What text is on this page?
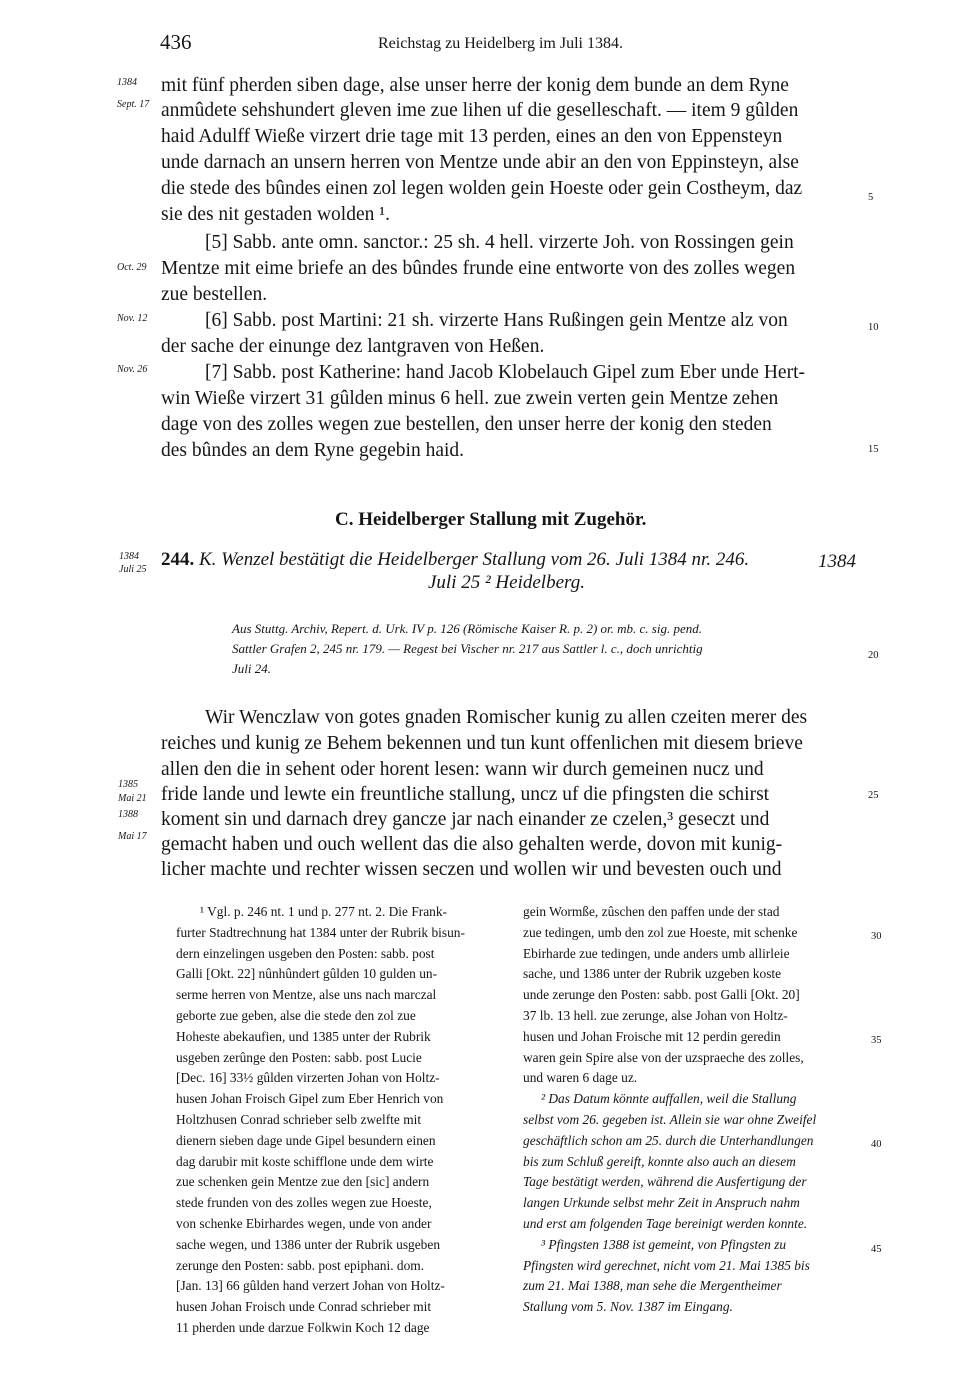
436	Reichstag zu Heidelberg im Juli 1384.
1384
Sept. 17
Oct. 29
Nov. 12
Nov. 26
mit fünf pherden siben dage, alse unser herre der konig dem bunde an dem Ryne
anmûdete sehshundert gleven ime zue lihen uf die geselleschaft. — item 9 gûlden
haid Adulff Wieße virzert drie tage mit 13 perden, eines an den von Eppensteyn
unde darnach an unsern herren von Mentze unde abir an den von Eppinsteyn, alse
die stede des bûndes einen zol legen wolden gein Hoeste oder gein Costheym, daz
sie des nit gestaden wolden ¹.
[5] Sabb. ante omn. sanctor.: 25 sh. 4 hell. virzerte Joh. von Rossingen gein
Mentze mit eime briefe an des bûndes frunde eine entworte von des zolles wegen
zue bestellen.
[6] Sabb. post Martini: 21 sh. virzerte Hans Rußingen gein Mentze alz von
der sache der einunge dez lantgraven von Heßen.
[7] Sabb. post Katherine: hand Jacob Klobelauch Gipel zum Eber unde Hert-
win Wieße virzert 31 gûlden minus 6 hell. zue zwein verten gein Mentze zehen
dage von des zolles wegen zue bestellen, den unser herre der konig den steden
des bûndes an dem Ryne gegebin haid.
5
10
15
C. Heidelberger Stallung mit Zugehör.
1384
Juli 25 244. K. Wenzel bestätigt die Heidelberger Stallung vom 26. Juli 1384 nr. 246.	1384
Juli 25 ² Heidelberg.
Aus Stuttg. Archiv, Repert. d. Urk. IV p. 126 (Römische Kaiser R. p. 2) or. mb. c. sig. pend.
Sattler Grafen 2, 245 nr. 179. — Regest bei Vischer nr. 217 aus Sattler l. c., doch unrichtig
Juli 24.
20
1385
Mai 21
1388
Mai 17
Wir Wenczlaw von gotes gnaden Romischer kunig zu allen czeiten merer des
reiches und kunig ze Behem bekennen und tun kunt offenlichen mit diesem brieve
allen den die in sehent oder horent lesen: wann wir durch gemeinen nucz und
fride lande und lewte ein freuntliche stallung, uncz uf die pfingsten die schirst
koment sin und darnach drey gancze jar nach einander ze czelen,³ geseczt und
gemacht haben und ouch wellent das die also gehalten werde, dovon mit kunig-
licher machte und rechter wissen seczen und wollen wir und bevesten ouch und
25
¹ Vgl. p. 246 nt. 1 und p. 277 nt. 2. Die Frank-
furter Stadtrechnung hat 1384 unter der Rubrik bisun-
dern einzelingen usgeben den Posten: sabb. post
Galli [Okt. 22] nûnhûndert gûlden 10 gulden un-
serme herren von Mentze, alse uns nach marczal
geborte zue geben, alse die stede den zol zue
Hoheste abekaufien, und 1385 unter der Rubrik
usgeben zerûnge den Posten: sabb. post Lucie
[Dec. 16] 33½ gûlden virzerten Johan von Holtz-
husen Johan Froisch Gipel zum Eber Henrich von
Holtzhusen Conrad schrieber selb zwelfte mit
dienern sieben dage unde Gipel besundern einen
dag darubir mit koste schifflone unde dem wirte
zue schenken gein Mentze zue den [sic] andern
stede frunden von des zolles wegen zue Hoeste,
von schenke Ebirhardes wegen, unde von ander
sache wegen, und 1386 unter der Rubrik usgeben
zerunge den Posten: sabb. post epiphani. dom.
[Jan. 13] 66 gûlden hand verzert Johan von Holtz-
husen Johan Froisch unde Conrad schrieber mit
11 pherden unde darzue Folkwin Koch 12 dage
gein Wormße, zûschen den paffen unde der stad
zue tedingen, umb den zol zue Hoeste, mit schenke
Ebirharde zue tedingen, unde anders umb allirleie
sache, und 1386 unter der Rubrik uzgeben koste
unde zerunge den Posten: sabb. post Galli [Okt. 20]
37 lb. 13 hell. zue zerunge, alse Johan von Holtz-
husen und Johan Froische mit 12 perdin geredin
waren gein Spire alse von der uzspraeche des zolles,
und waren 6 dage uz.
² Das Datum könnte auffallen, weil die Stallung
selbst vom 26. gegeben ist. Allein sie war ohne Zweifel
geschäftlich schon am 25. durch die Unterhandlungen
bis zum Schluß gereift, konnte also auch an diesem
Tage bestätigt werden, während die Ausfertigung der
langen Urkunde selbst mehr Zeit in Anspruch nahm
und erst am folgenden Tage bereinigt werden konnte.
³ Pfingsten 1388 ist gemeint, von Pfingsten zu
Pfingsten wird gerechnet, nicht vom 21. Mai 1385 bis
zum 21. Mai 1388, man sehe die Mergentheimer
Stallung vom 5. Nov. 1387 im Eingang.
30
35
40
45
